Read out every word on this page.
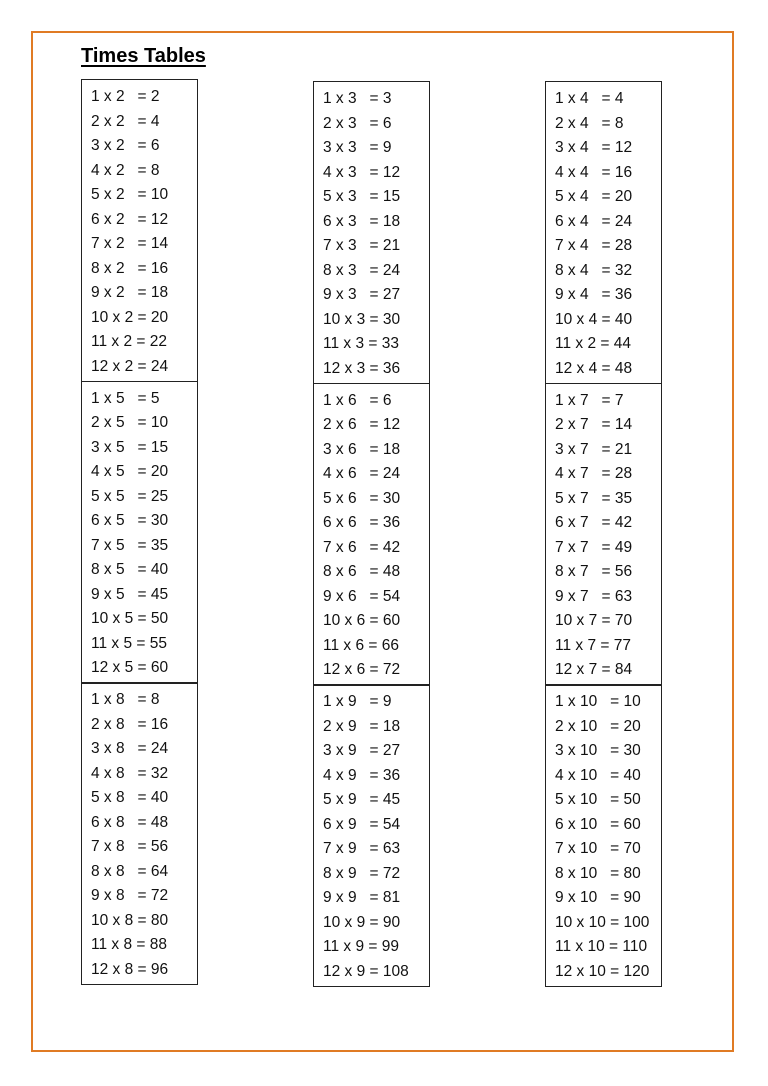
Times Tables
1 x 2   = 2
2 x 2   = 4
3 x 2   = 6
4 x 2   = 8
5 x 2   = 10
6 x 2   = 12
7 x 2   = 14
8 x 2   = 16
9 x 2   = 18
10 x 2 = 20
11 x 2 = 22
12 x 2 = 24
1 x 5   = 5
2 x 5   = 10
3 x 5   = 15
4 x 5   = 20
5 x 5   = 25
6 x 5   = 30
7 x 5   = 35
8 x 5   = 40
9 x 5   = 45
10 x 5 = 50
11 x 5 = 55
12 x 5 = 60
1 x 8   = 8
2 x 8   = 16
3 x 8   = 24
4 x 8   = 32
5 x 8   = 40
6 x 8   = 48
7 x 8   = 56
8 x 8   = 64
9 x 8   = 72
10 x 8 = 80
11 x 8 = 88
12 x 8 = 96
1 x 3   = 3
2 x 3   = 6
3 x 3   = 9
4 x 3   = 12
5 x 3   = 15
6 x 3   = 18
7 x 3   = 21
8 x 3   = 24
9 x 3   = 27
10 x 3 = 30
11 x 3 = 33
12 x 3 = 36
1 x 6   = 6
2 x 6   = 12
3 x 6   = 18
4 x 6   = 24
5 x 6   = 30
6 x 6   = 36
7 x 6   = 42
8 x 6   = 48
9 x 6   = 54
10 x 6 = 60
11 x 6 = 66
12 x 6 = 72
1 x 9   = 9
2 x 9   = 18
3 x 9   = 27
4 x 9   = 36
5 x 9   = 45
6 x 9   = 54
7 x 9   = 63
8 x 9   = 72
9 x 9   = 81
10 x 9 = 90
11 x 9 = 99
12 x 9 = 108
1 x 4   = 4
2 x 4   = 8
3 x 4   = 12
4 x 4   = 16
5 x 4   = 20
6 x 4   = 24
7 x 4   = 28
8 x 4   = 32
9 x 4   = 36
10 x 4 = 40
11 x 2 = 44
12 x 4 = 48
1 x 7   = 7
2 x 7   = 14
3 x 7   = 21
4 x 7   = 28
5 x 7   = 35
6 x 7   = 42
7 x 7   = 49
8 x 7   = 56
9 x 7   = 63
10 x 7 = 70
11 x 7 = 77
12 x 7 = 84
1 x 10   = 10
2 x 10   = 20
3 x 10   = 30
4 x 10   = 40
5 x 10   = 50
6 x 10   = 60
7 x 10   = 70
8 x 10   = 80
9 x 10   = 90
10 x 10 = 100
11 x 10 = 110
12 x 10 = 120
